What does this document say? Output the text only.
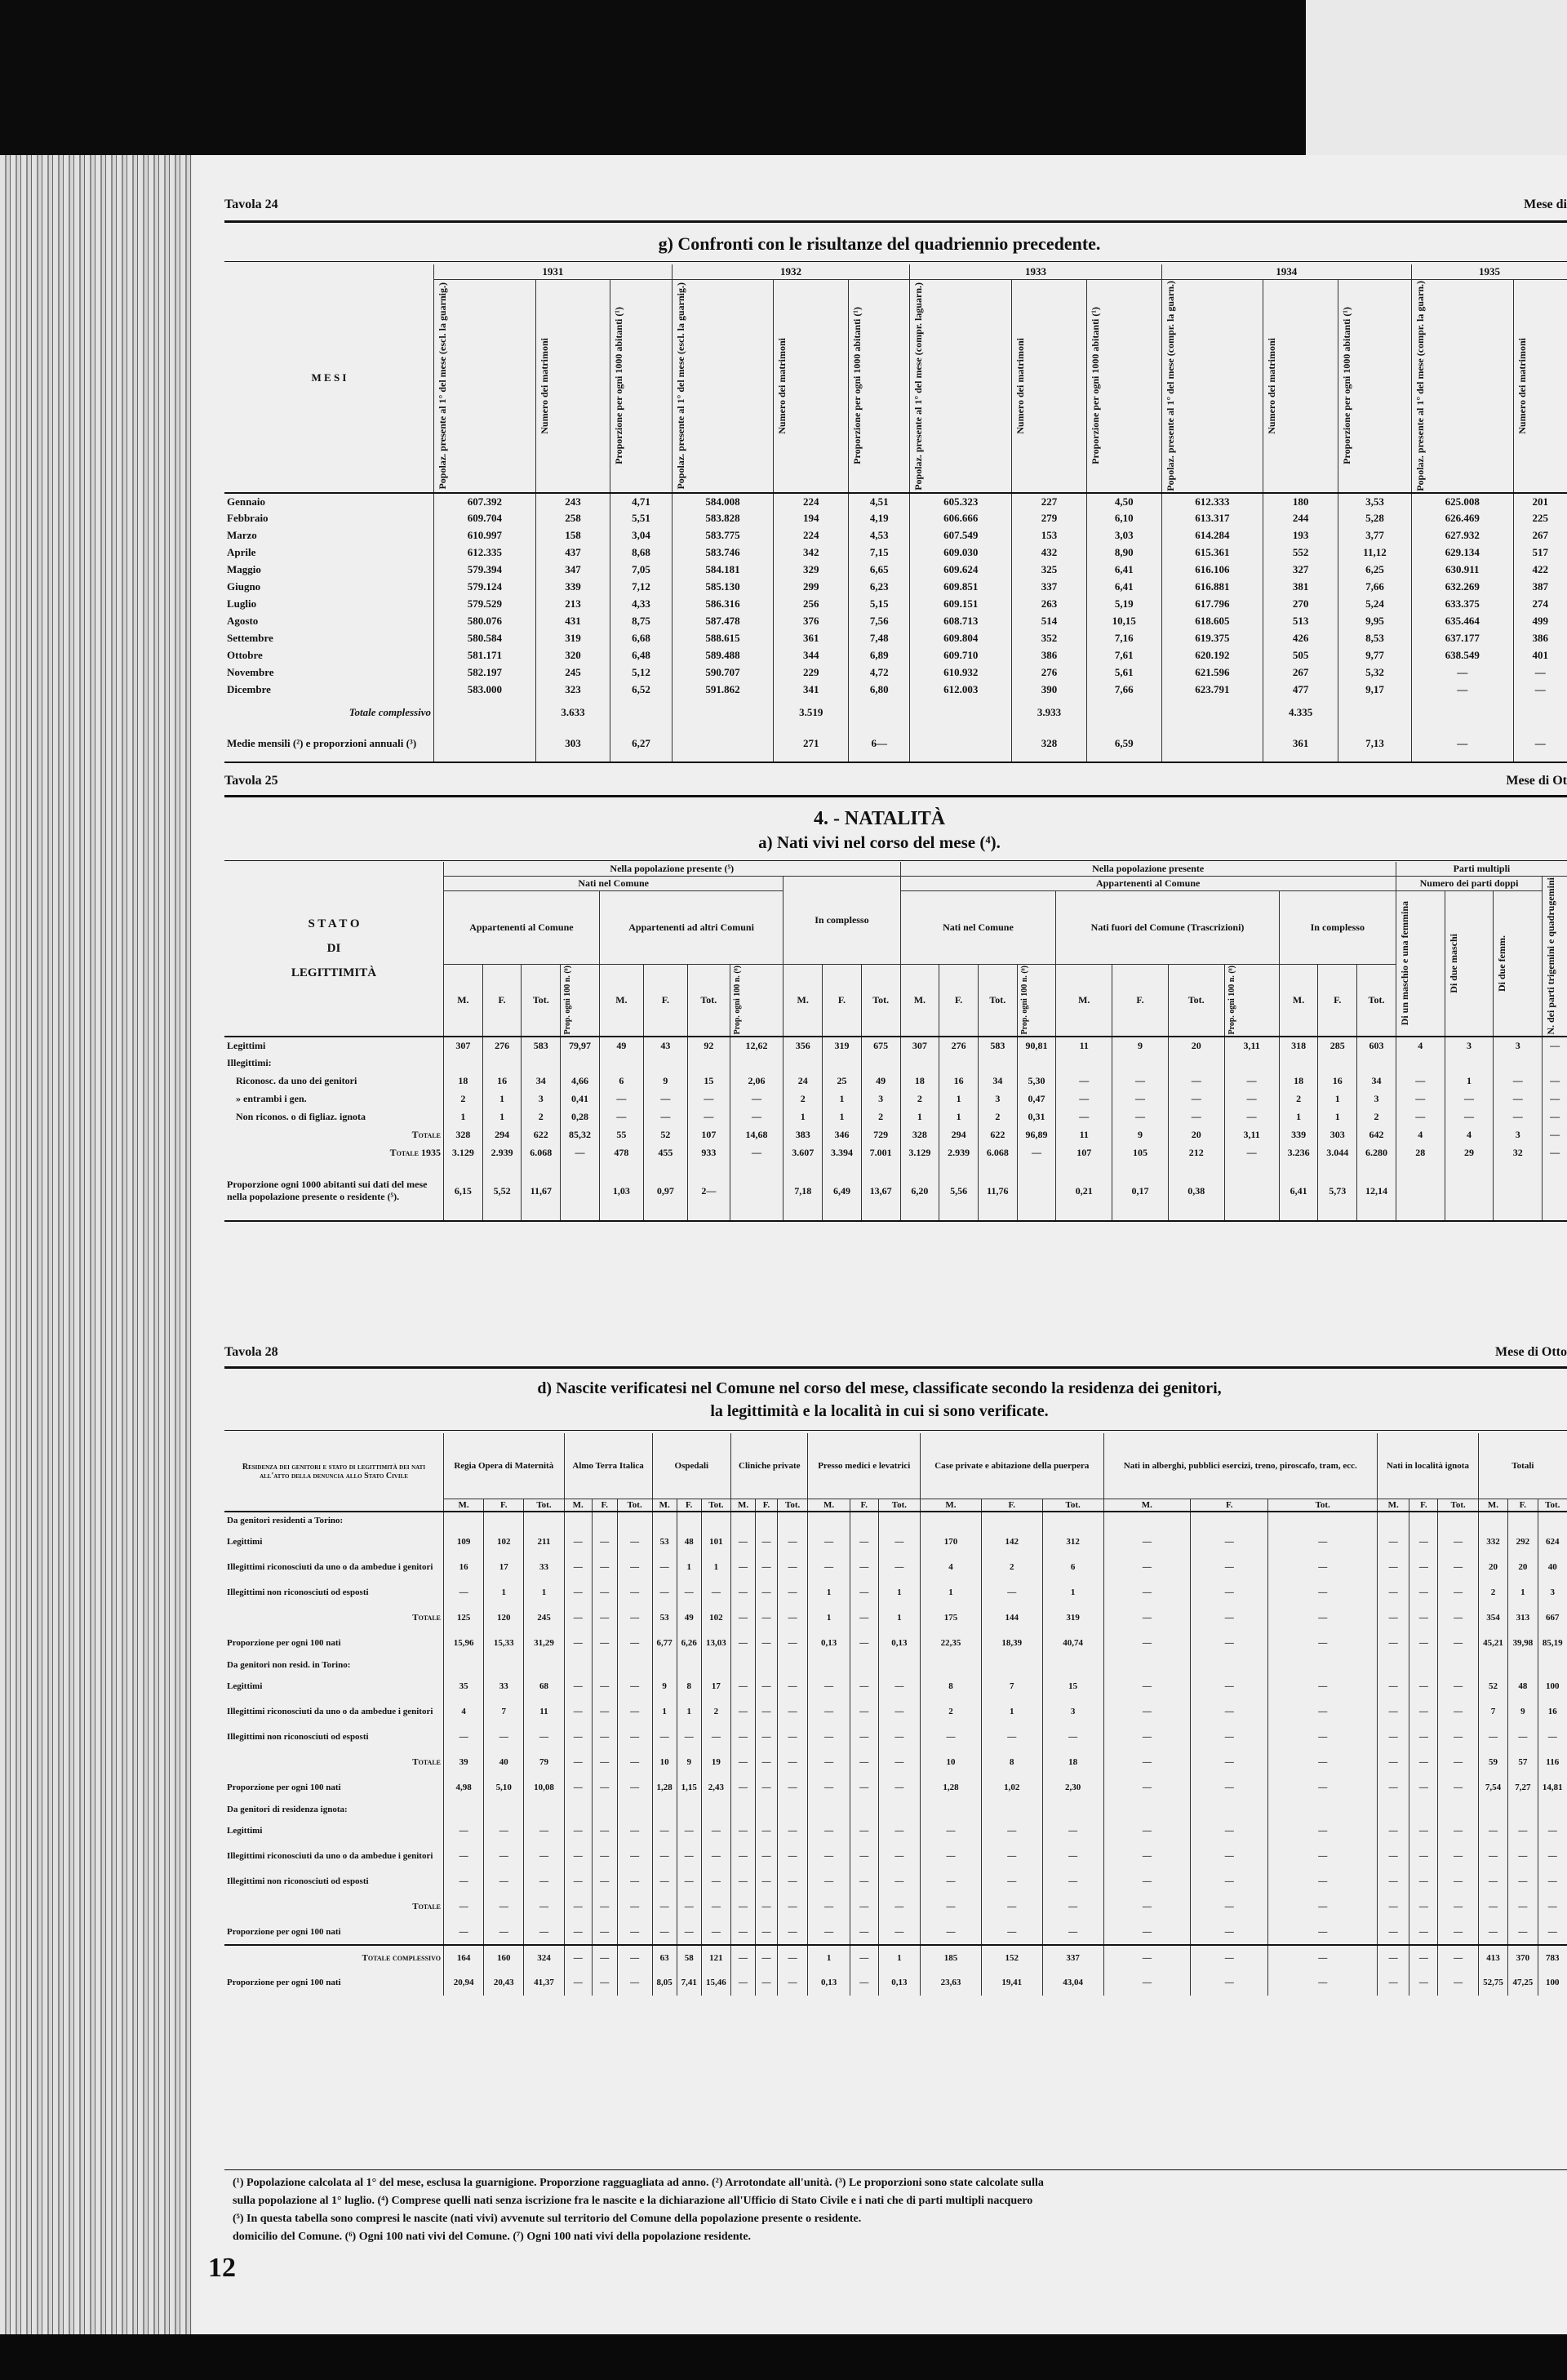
Tavola 24	Mese di
g) Confronti con le risultanze del quadriennio precedente.
M E S I	1931			1932			1933			1934			1935	

	Popolaz. presente al 1° del mese (escl. la guarnig.)	Numero dei matrimoni	Proporzione per ogni 1000 abitanti (¹)	Popolaz. presente al 1° del mese (escl. la guarnig.)	Numero dei matrimoni	Proporzione per ogni 1000 abitanti (¹)	Popolaz. presente al 1° del mese (compr. laguarn.)	Numero dei matrimoni	Proporzione per ogni 1000 abitanti (¹)	Popolaz. presente al 1° del mese (compr. la guarn.)	Numero dei matrimoni	Proporzione per ogni 1000 abitanti (¹)	Popolaz. presente al 1° del mese (compr. la guarn.)	Numero dei matrimoni

Gennaio	607.392	243	4,71	584.008	224	4,51	605.323	227	4,50	612.333	180	3,53	625.008	201
Febbraio	609.704	258	5,51	583.828	194	4,19	606.666	279	6,10	613.317	244	5,28	626.469	225
Marzo	610.997	158	3,04	583.775	224	4,53	607.549	153	3,03	614.284	193	3,77	627.932	267
Aprile	612.335	437	8,68	583.746	342	7,15	609.030	432	8,90	615.361	552	11,12	629.134	517
Maggio	579.394	347	7,05	584.181	329	6,65	609.624	325	6,41	616.106	327	6,25	630.911	422
Giugno	579.124	339	7,12	585.130	299	6,23	609.851	337	6,41	616.881	381	7,66	632.269	387
Luglio	579.529	213	4,33	586.316	256	5,15	609.151	263	5,19	617.796	270	5,24	633.375	274
Agosto	580.076	431	8,75	587.478	376	7,56	608.713	514	10,15	618.605	513	9,95	635.464	499
Settembre	580.584	319	6,68	588.615	361	7,48	609.804	352	7,16	619.375	426	8,53	637.177	386
Ottobre	581.171	320	6,48	589.488	344	6,89	609.710	386	7,61	620.192	505	9,77	638.549	401
Novembre	582.197	245	5,12	590.707	229	4,72	610.932	276	5,61	621.596	267	5,32	—	—
Dicembre	583.000	323	6,52	591.862	341	6,80	612.003	390	7,66	623.791	477	9,17	—	—
Totale complessivo		3.633			3.519			3.933			4.335			
Medie mensili (²) e proporzioni annuali (³)		303	6,27		271	6—		328	6,59		361	7,13	—	—
Tavola 25	Mese di Ot
4. - NATALITÀ
a) Nati vivi nel corso del mese (⁴).
S T A T O
DI
LEGITTIMITÀ	Nella popolazione presente (⁵)											Nella popolazione presente											Parti multipli			
	Nati nel Comune								In complesso			Appartenenti al Comune											Numero dei parti doppi			N. dei parti trigemini e quadrugemini

	Appartenenti al Comune				Appartenenti ad altri Comuni							Nati nel Comune				Nati fuori del Comune (Trascrizioni)				In complesso			Di un maschio e una femmina	Di due maschi	Di due femm.	

	M.	F.	Tot.	Prop. ogni 100 n. (⁸)	M.	F.	Tot.	Prop. ogni 100 n. (⁸)	M.	F.	Tot.	M.	F.	Tot.	Prop. ogni 100 n. (⁸)	M.	F.	Tot.	Prop. ogni 100 n. (⁸)	M.	F.	Tot.				
Legittimi	307	276	583	79,97	49	43	92	12,62	356	319	675	307	276	583	90,81	11	9	20	3,11	318	285	603	4	3	3	—
Illegittimi:																										
Riconosc. da uno dei genitori	18	16	34	4,66	6	9	15	2,06	24	25	49	18	16	34	5,30	—	—	—	—	18	16	34	—	1	—	—
» entrambi i gen.	2	1	3	0,41	—	—	—	—	2	1	3	2	1	3	0,47	—	—	—	—	2	1	3	—	—	—	—
Non riconos. o di figliaz. ignota	1	1	2	0,28	—	—	—	—	1	1	2	1	1	2	0,31	—	—	—	—	1	1	2	—	—	—	—
Totale	328	294	622	85,32	55	52	107	14,68	383	346	729	328	294	622	96,89	11	9	20	3,11	339	303	642	4	4	3	—
Totale 1935	3.129	2.939	6.068	—	478	455	933	—	3.607	3.394	7.001	3.129	2.939	6.068	—	107	105	212	—	3.236	3.044	6.280	28	29	32	—
Proporzione ogni 1000 abitanti sui dati del mese nella popolazione presente o residente (⁵).	6,15	5,52	11,67		1,03	0,97	2—		7,18	6,49	13,67	6,20	5,56	11,76		0,21	0,17	0,38		6,41	5,73	12,14				
Tavola 28	Mese di Otto
d) Nascite verificatesi nel Comune nel corso del mese, classificate secondo la residenza dei genitori,
la legittimità e la località in cui si sono verificate.
Residenza dei genitori e stato di legittimità dei nati all'atto della denuncia allo Stato Civile	Regia Opera di Maternità			Almo Terra Italica			Ospedali			Cliniche private			Presso medici e levatrici			Case private e abitazione della puerpera			Nati in alberghi, pubblici esercizi, treno, piroscafo, tram, ecc.			Nati in località ignota			Totali		
	M.	F.	Tot.	M.	F.	Tot.	M.	F.	Tot.	M.	F.	Tot.	M.	F.	Tot.	M.	F.	Tot.	M.	F.	Tot.	M.	F.	Tot.	M.	F.	Tot.
Da genitori residenti a Torino:																											
Legittimi	109	102	211	—	—	—	53	48	101	—	—	—	—	—	—	170	142	312	—	—	—	—	—	—	332	292	624
Illegittimi riconosciuti da uno o da ambedue i genitori	16	17	33	—	—	—	—	1	1	—	—	—	—	—	—	4	2	6	—	—	—	—	—	—	20	20	40
Illegittimi non riconosciuti od esposti	—	1	1	—	—	—	—	—	—	—	—	—	1	—	1	1	—	1	—	—	—	—	—	—	2	1	3
Totale	125	120	245	—	—	—	53	49	102	—	—	—	1	—	1	175	144	319	—	—	—	—	—	—	354	313	667
Proporzione per ogni 100 nati	15,96	15,33	31,29	—	—	—	6,77	6,26	13,03	—	—	—	0,13	—	0,13	22,35	18,39	40,74	—	—	—	—	—	—	45,21	39,98	85,19
Da genitori non resid. in Torino:																											
Legittimi	35	33	68	—	—	—	9	8	17	—	—	—	—	—	—	8	7	15	—	—	—	—	—	—	52	48	100
Illegittimi riconosciuti da uno o da ambedue i genitori	4	7	11	—	—	—	1	1	2	—	—	—	—	—	—	2	1	3	—	—	—	—	—	—	7	9	16
Illegittimi non riconosciuti od esposti	—	—	—	—	—	—	—	—	—	—	—	—	—	—	—	—	—	—	—	—	—	—	—	—	—	—	—
Totale	39	40	79	—	—	—	10	9	19	—	—	—	—	—	—	10	8	18	—	—	—	—	—	—	59	57	116
Proporzione per ogni 100 nati	4,98	5,10	10,08	—	—	—	1,28	1,15	2,43	—	—	—	—	—	—	1,28	1,02	2,30	—	—	—	—	—	—	7,54	7,27	14,81
Da genitori di residenza ignota:																											
Legittimi	—	—	—	—	—	—	—	—	—	—	—	—	—	—	—	—	—	—	—	—	—	—	—	—	—	—	—
Illegittimi riconosciuti da uno o da ambedue i genitori	—	—	—	—	—	—	—	—	—	—	—	—	—	—	—	—	—	—	—	—	—	—	—	—	—	—	—
Illegittimi non riconosciuti od esposti	—	—	—	—	—	—	—	—	—	—	—	—	—	—	—	—	—	—	—	—	—	—	—	—	—	—	—
Totale	—	—	—	—	—	—	—	—	—	—	—	—	—	—	—	—	—	—	—	—	—	—	—	—	—	—	—
Proporzione per ogni 100 nati	—	—	—	—	—	—	—	—	—	—	—	—	—	—	—	—	—	—	—	—	—	—	—	—	—	—	—
Totale complessivo	164	160	324	—	—	—	63	58	121	—	—	—	1	—	1	185	152	337	—	—	—	—	—	—	413	370	783
Proporzione per ogni 100 nati	20,94	20,43	41,37	—	—	—	8,05	7,41	15,46	—	—	—	0,13	—	0,13	23,63	19,41	43,04	—	—	—	—	—	—	52,75	47,25	100
(¹) Popolazione calcolata al 1° del mese, esclusa la guarnigione. Proporzione ragguagliata ad anno. (²) Arrotondate all'unità. (³) Le proporzioni sono state calcolate sulla
sulla popolazione al 1° luglio. (⁴) Comprese quelli nati senza iscrizione fra le nascite e la dichiarazione all'Ufficio di Stato Civile e i nati che di parti multipli nacquero
(⁵) In questa tabella sono compresi le nascite (nati vivi) avvenute sul territorio del Comune della popolazione presente o residente.
domicilio del Comune. (⁶) Ogni 100 nati vivi del Comune. (⁷) Ogni 100 nati vivi della popolazione residente.
12
